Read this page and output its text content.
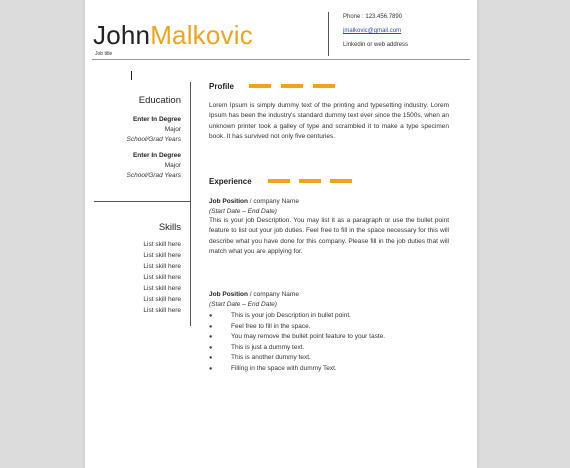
JohnMalkovic
Job title
Phone : 123.456.7890
jmalkovic@gmail.com
Linkedin or web address
Education
Enter In Degree
Major
School/Grad Years
Enter In Degree
Major
School/Grad Years
Skills
List skill here
List skill here
List skill here
List skill here
List skill here
List skill here
List skill here
Profile

Lorem Ipsum is simply dummy text of the printing and typesetting industry. Lorem Ipsum has been the industry's standard dummy text ever since the 1500s, when an unknown printer took a galley of type and scrambled it to make a type specimen book. It has survived not only five centuries.

Experience
Job Position / company Name
(Start Date – End Date)

This is your job Description. You may list it as a paragraph or use the bullet point feature to list out your job duties. Feel free to fill in the space necessary for this will describe what you have done for this company. Please fill in the job duties that will match what you are applying for.

Job Position / company Name
(Start Date – End Date)
● This is your job Description in bullet point.
● Feel free to fill in the space.
● You may remove the bullet point feature to your taste.
● This is just a dummy text.
● This is another dummy text.
● Filling in the space with dummy Text.
